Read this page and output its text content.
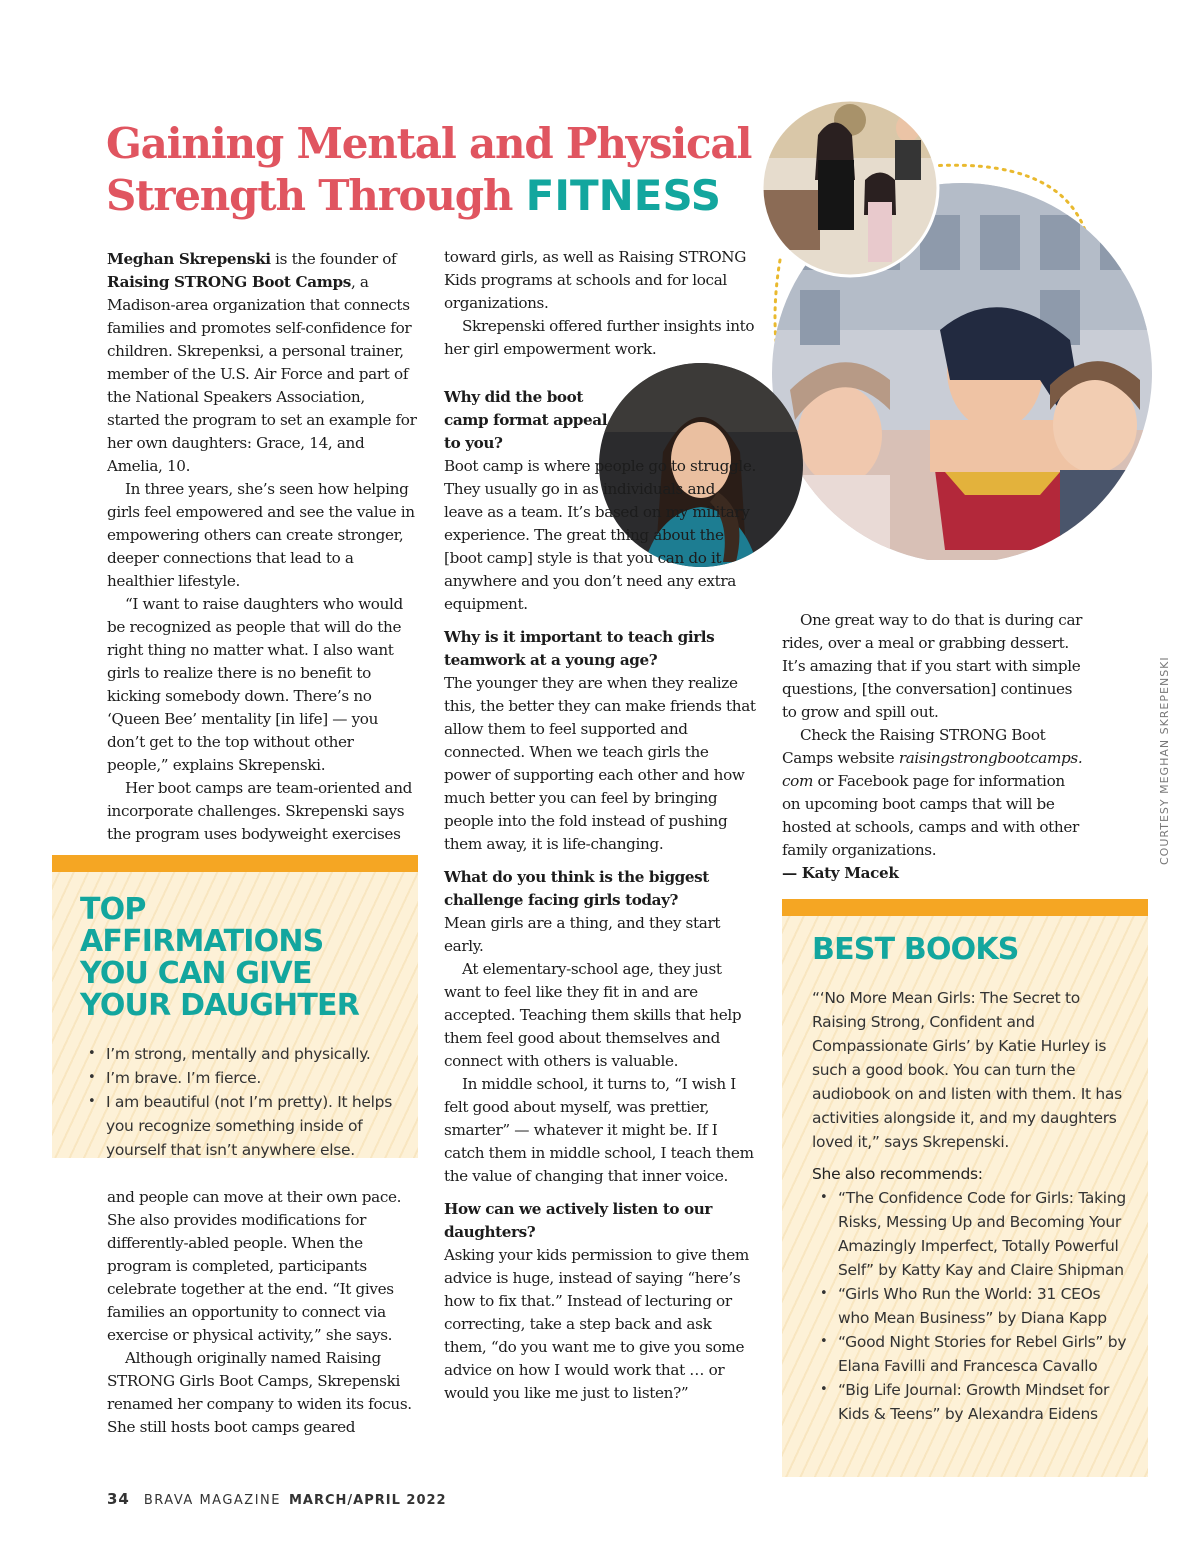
Gaining Mental and Physical
Strength Through FITNESS

Meghan Skrepenski is the founder of Raising STRONG Boot Camps, a Madison-area organization that connects families and promotes self-confidence for children. Skrepenksi, a personal trainer, member of the U.S. Air Force and part of the National Speakers Association, started the program to set an example for her own daughters: Grace, 14, and Amelia, 10.

In three years, she’s seen how helping girls feel empowered and see the value in empowering others can create stronger, deeper connections that lead to a healthier lifestyle.

“I want to raise daughters who would be recognized as people that will do the right thing no matter what. I also want girls to realize there is no benefit to kicking somebody down. There’s no ‘Queen Bee’ mentality [in life] — you don’t get to the top without other people,” explains Skrepenski.

Her boot camps are team-oriented and incorporate challenges. Skrepenski says the program uses bodyweight exercises

TOP AFFIRMATIONS YOU CAN GIVE YOUR DAUGHTER
• I’m strong, mentally and physically.
• I’m brave. I’m fierce.
• I am beautiful (not I’m pretty). It helps you recognize something inside of yourself that isn’t anywhere else.

and people can move at their own pace. She also provides modifications for differently-abled people. When the program is completed, participants celebrate together at the end. “It gives families an opportunity to connect via exercise or physical activity,” she says.

Although originally named Raising STRONG Girls Boot Camps, Skrepenski renamed her company to widen its focus. She still hosts boot camps geared

toward girls, as well as Raising STRONG Kids programs at schools and for local organizations.

Skrepenski offered further insights into her girl empowerment work.

Why did the boot camp format appeal to you?

Boot camp is where people go to struggle. They usually go in as individuals and leave as a team. It’s based on my military experience. The great thing about the [boot camp] style is that you can do it anywhere and you don’t need any extra equipment.

Why is it important to teach girls teamwork at a young age?

The younger they are when they realize this, the better they can make friends that allow them to feel supported and connected. When we teach girls the power of supporting each other and how much better you can feel by bringing people into the fold instead of pushing them away, it is life-changing.

What do you think is the biggest challenge facing girls today?

Mean girls are a thing, and they start early.

At elementary-school age, they just want to feel like they fit in and are accepted. Teaching them skills that help them feel good about themselves and connect with others is valuable.

In middle school, it turns to, “I wish I felt good about myself, was prettier, smarter” — whatever it might be. If I catch them in middle school, I teach them the value of changing that inner voice.

How can we actively listen to our daughters?

Asking your kids permission to give them advice is huge, instead of saying “here’s how to fix that.” Instead of lecturing or correcting, take a step back and ask them, “do you want me to give you some advice on how I would work that … or would you like me just to listen?”

One great way to do that is during car rides, over a meal or grabbing dessert. It’s amazing that if you start with simple questions, [the conversation] continues to grow and spill out.

Check the Raising STRONG Boot Camps website raisingstrongbootcamps.com or Facebook page for information on upcoming boot camps that will be hosted at schools, camps and with other family organizations.

— Katy Macek

COURTESY MEGHAN SKREPENSKI
BEST BOOKS

“‘No More Mean Girls: The Secret to Raising Strong, Confident and Compassionate Girls’ by Katie Hurley is such a good book. You can turn the audiobook on and listen with them. It has activities alongside it, and my daughters loved it,” says Skrepenski.

She also recommends:

• “The Confidence Code for Girls: Taking Risks, Messing Up and Becoming Your Amazingly Imperfect, Totally Powerful Self” by Katty Kay and Claire Shipman
• “Girls Who Run the World: 31 CEOs who Mean Business” by Diana Kapp
• “Good Night Stories for Rebel Girls” by Elana Favilli and Francesca Cavallo
• “Big Life Journal: Growth Mindset for Kids & Teens” by Alexandra Eidens
34 BRAVA MAGAZINE MARCH/APRIL 2022
